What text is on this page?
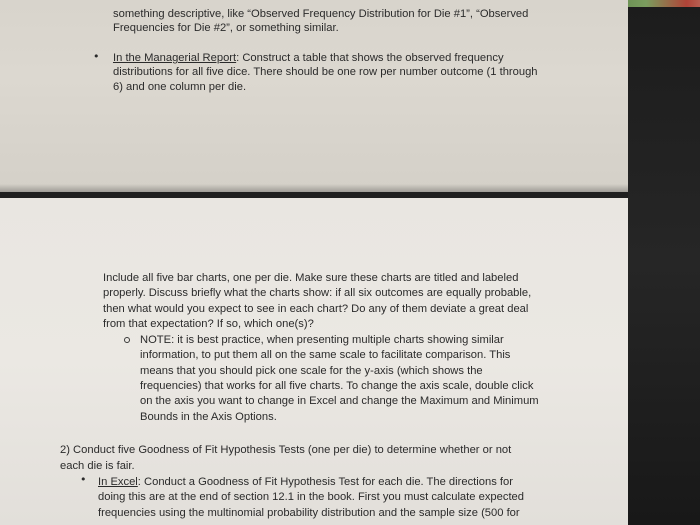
something descriptive, like “Observed Frequency Distribution for Die #1”, “Observed
Frequencies for Die #2”, or something similar.
• In the Managerial Report: Construct a table that shows the observed frequency
distributions for all five dice. There should be one row per number outcome (1 through
6) and one column per die.
Include all five bar charts, one per die. Make sure these charts are titled and labeled
properly. Discuss briefly what the charts show: if all six outcomes are equally probable,
then what would you expect to see in each chart? Do any of them deviate a great deal
from that expectation? If so, which one(s)?
NOTE: it is best practice, when presenting multiple charts showing similar
information, to put them all on the same scale to facilitate comparison. This
means that you should pick one scale for the y-axis (which shows the
frequencies) that works for all five charts. To change the axis scale, double click
on the axis you want to change in Excel and change the Maximum and Minimum
Bounds in the Axis Options.
2) Conduct five Goodness of Fit Hypothesis Tests (one per die) to determine whether or not
each die is fair.
• In Excel: Conduct a Goodness of Fit Hypothesis Test for each die. The directions for
doing this are at the end of section 12.1 in the book. First you must calculate expected
frequencies using the multinomial probability distribution and the sample size (500 for
